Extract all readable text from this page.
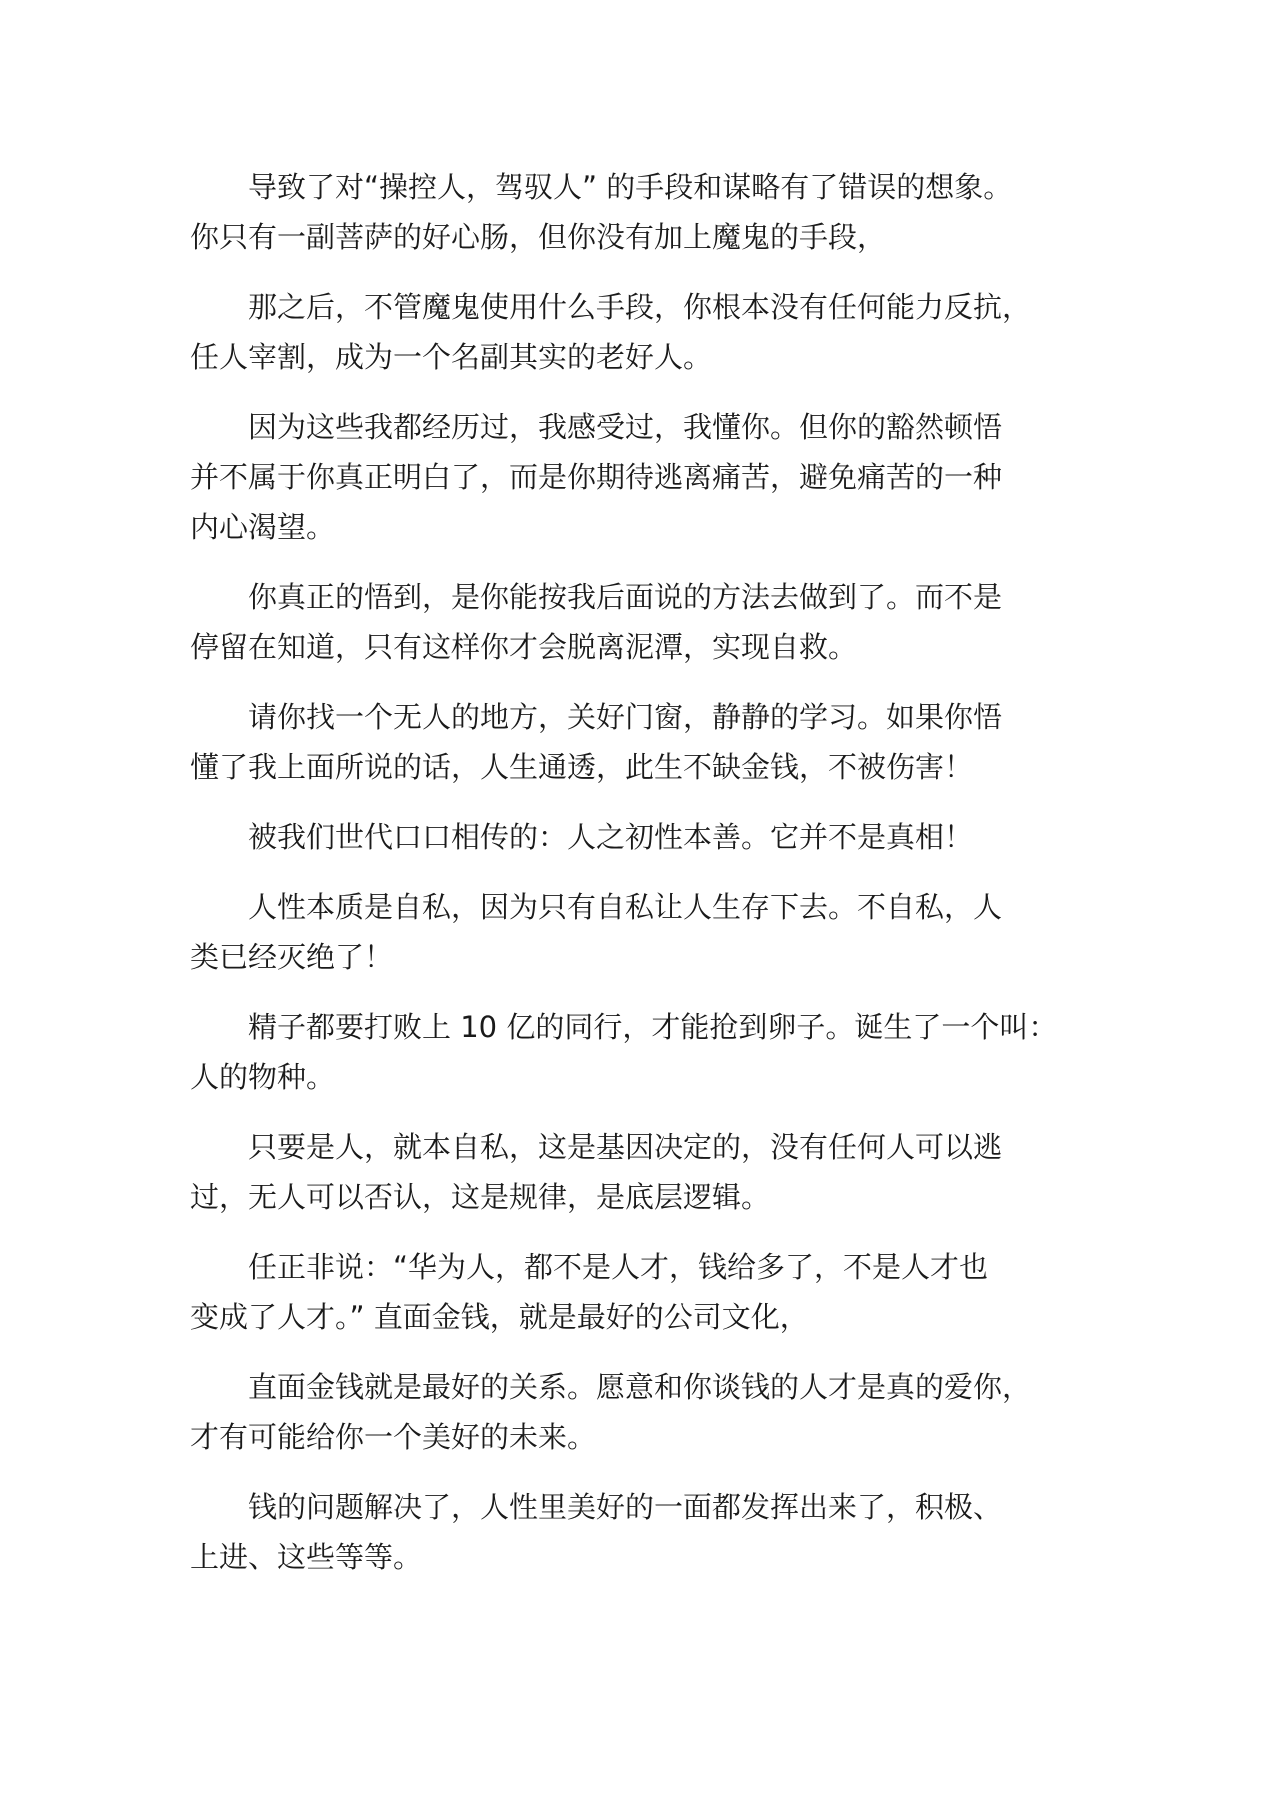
导致了对“操控人，驾驭人” 的手段和谋略有了错误的想象。
你只有一副菩萨的好心肠，但你没有加上魔鬼的手段，

那之后，不管魔鬼使用什么手段，你根本没有任何能力反抗，
任人宰割，成为一个名副其实的老好人。

因为这些我都经历过，我感受过，我懂你。但你的豁然顿悟
并不属于你真正明白了，而是你期待逃离痛苦，避免痛苦的一种
内心渴望。

你真正的悟到，是你能按我后面说的方法去做到了。而不是
停留在知道，只有这样你才会脱离泥潭，实现自救。

请你找一个无人的地方，关好门窗，静静的学习。如果你悟
懂了我上面所说的话，人生通透，此生不缺金钱，不被伤害！

被我们世代口口相传的：人之初性本善。它并不是真相！

人性本质是自私，因为只有自私让人生存下去。不自私，人
类已经灭绝了！

精子都要打败上 10 亿的同行，才能抢到卵子。诞生了一个叫：
人的物种。

只要是人，就本自私，这是基因决定的，没有任何人可以逃
过，无人可以否认，这是规律，是底层逻辑。

任正非说：“华为人，都不是人才，钱给多了，不是人才也
变成了人才。” 直面金钱，就是最好的公司文化，

直面金钱就是最好的关系。愿意和你谈钱的人才是真的爱你，
才有可能给你一个美好的未来。

钱的问题解决了，人性里美好的一面都发挥出来了，积极、
上进、这些等等。
